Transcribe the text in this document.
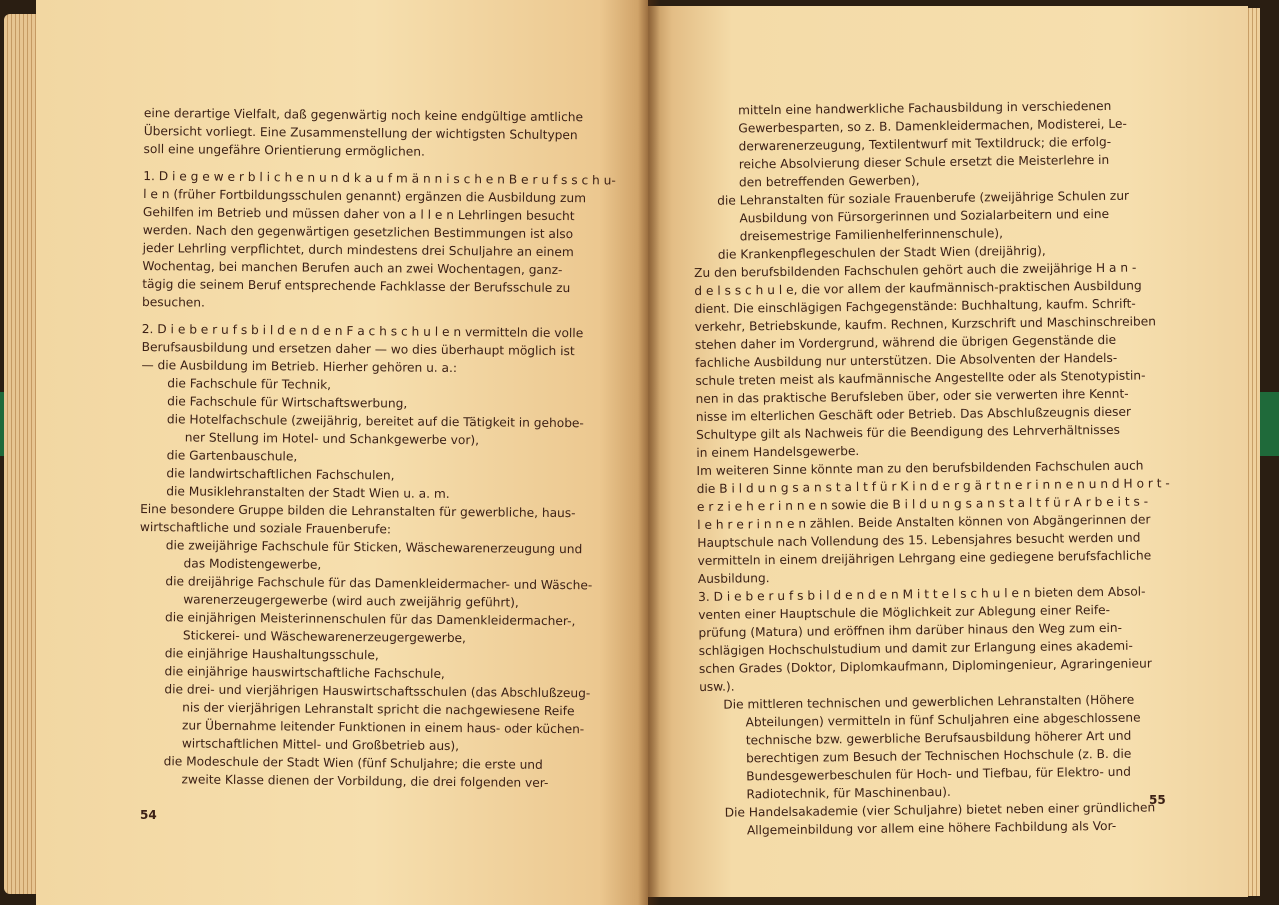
eine derartige Vielfalt, daß gegenwärtig noch keine endgültige amtliche
Übersicht vorliegt. Eine Zusammenstellung der wichtigsten Schultypen
soll eine ungefähre Orientierung ermöglichen.
1. D i e g e w e r b l i c h e n u n d k a u f m ä n n i s c h e n B e r u f s s c h u-
l e n (früher Fortbildungsschulen genannt) ergänzen die Ausbildung zum
Gehilfen im Betrieb und müssen daher von a l l e n Lehrlingen besucht
werden. Nach den gegenwärtigen gesetzlichen Bestimmungen ist also
jeder Lehrling verpflichtet, durch mindestens drei Schuljahre an einem
Wochentag, bei manchen Berufen auch an zwei Wochentagen, ganz-
tägig die seinem Beruf entsprechende Fachklasse der Berufsschule zu
besuchen.
2. D i e b e r u f s b i l d e n d e n F a c h s c h u l e n vermitteln die volle
Berufsausbildung und ersetzen daher — wo dies überhaupt möglich ist
— die Ausbildung im Betrieb. Hierher gehören u. a.:
die Fachschule für Technik,
die Fachschule für Wirtschaftswerbung,
die Hotelfachschule (zweijährig, bereitet auf die Tätigkeit in gehobe-
ner Stellung im Hotel- und Schankgewerbe vor),
die Gartenbauschule,
die landwirtschaftlichen Fachschulen,
die Musiklehranstalten der Stadt Wien u. a. m.
Eine besondere Gruppe bilden die Lehranstalten für gewerbliche, haus-
wirtschaftliche und soziale Frauenberufe:
die zweijährige Fachschule für Sticken, Wäschewarenerzeugung und
das Modistengewerbe,
die dreijährige Fachschule für das Damenkleidermacher- und Wäsche-
warenerzeugergewerbe (wird auch zweijährig geführt),
die einjährigen Meisterinnenschulen für das Damenkleidermacher-,
Stickerei- und Wäschewarenerzeugergewerbe,
die einjährige Haushaltungsschule,
die einjährige hauswirtschaftliche Fachschule,
die drei- und vierjährigen Hauswirtschaftsschulen (das Abschlußzeug-
nis der vierjährigen Lehranstalt spricht die nachgewiesene Reife
zur Übernahme leitender Funktionen in einem haus- oder küchen-
wirtschaftlichen Mittel- und Großbetrieb aus),
die Modeschule der Stadt Wien (fünf Schuljahre; die erste und
zweite Klasse dienen der Vorbildung, die drei folgenden ver-
54
mitteln eine handwerkliche Fachausbildung in verschiedenen
Gewerbesparten, so z. B. Damenkleidermachen, Modisterei, Le-
derwarenerzeugung, Textilentwurf mit Textildruck; die erfolg-
reiche Absolvierung dieser Schule ersetzt die Meisterlehre in
den betreffenden Gewerben),
die Lehranstalten für soziale Frauenberufe (zweijährige Schulen zur
Ausbildung von Fürsorgerinnen und Sozialarbeitern und eine
dreisemestrige Familienhelferinnenschule),
die Krankenpflegeschulen der Stadt Wien (dreijährig),
Zu den berufsbildenden Fachschulen gehört auch die zweijährige H a n -
d e l s s c h u l e, die vor allem der kaufmännisch-praktischen Ausbildung
dient. Die einschlägigen Fachgegenstände: Buchhaltung, kaufm. Schrift-
verkehr, Betriebskunde, kaufm. Rechnen, Kurzschrift und Maschinschreiben
stehen daher im Vordergrund, während die übrigen Gegenstände die
fachliche Ausbildung nur unterstützen. Die Absolventen der Handels-
schule treten meist als kaufmännische Angestellte oder als Stenotypistin-
nen in das praktische Berufsleben über, oder sie verwerten ihre Kennt-
nisse im elterlichen Geschäft oder Betrieb. Das Abschlußzeugnis dieser
Schultype gilt als Nachweis für die Beendigung des Lehrverhältnisses
in einem Handelsgewerbe.
Im weiteren Sinne könnte man zu den berufsbildenden Fachschulen auch
die B i l d u n g s a n s t a l t f ü r K i n d e r g ä r t n e r i n n e n u n d H o r t -
e r z i e h e r i n n e n sowie die B i l d u n g s a n s t a l t f ü r A r b e i t s -
l e h r e r i n n e n zählen. Beide Anstalten können von Abgängerinnen der
Hauptschule nach Vollendung des 15. Lebensjahres besucht werden und
vermitteln in einem dreijährigen Lehrgang eine gediegene berufsfachliche
Ausbildung.
3. D i e b e r u f s b i l d e n d e n M i t t e l s c h u l e n bieten dem Absol-
venten einer Hauptschule die Möglichkeit zur Ablegung einer Reife-
prüfung (Matura) und eröffnen ihm darüber hinaus den Weg zum ein-
schlägigen Hochschulstudium und damit zur Erlangung eines akademi-
schen Grades (Doktor, Diplomkaufmann, Diplomingenieur, Agraringenieur
usw.).
Die mittleren technischen und gewerblichen Lehranstalten (Höhere
Abteilungen) vermitteln in fünf Schuljahren eine abgeschlossene
technische bzw. gewerbliche Berufsausbildung höherer Art und
berechtigen zum Besuch der Technischen Hochschule (z. B. die
Bundesgewerbeschulen für Hoch- und Tiefbau, für Elektro- und
Radiotechnik, für Maschinenbau).
Die Handelsakademie (vier Schuljahre) bietet neben einer gründlichen
Allgemeinbildung vor allem eine höhere Fachbildung als Vor-
55
